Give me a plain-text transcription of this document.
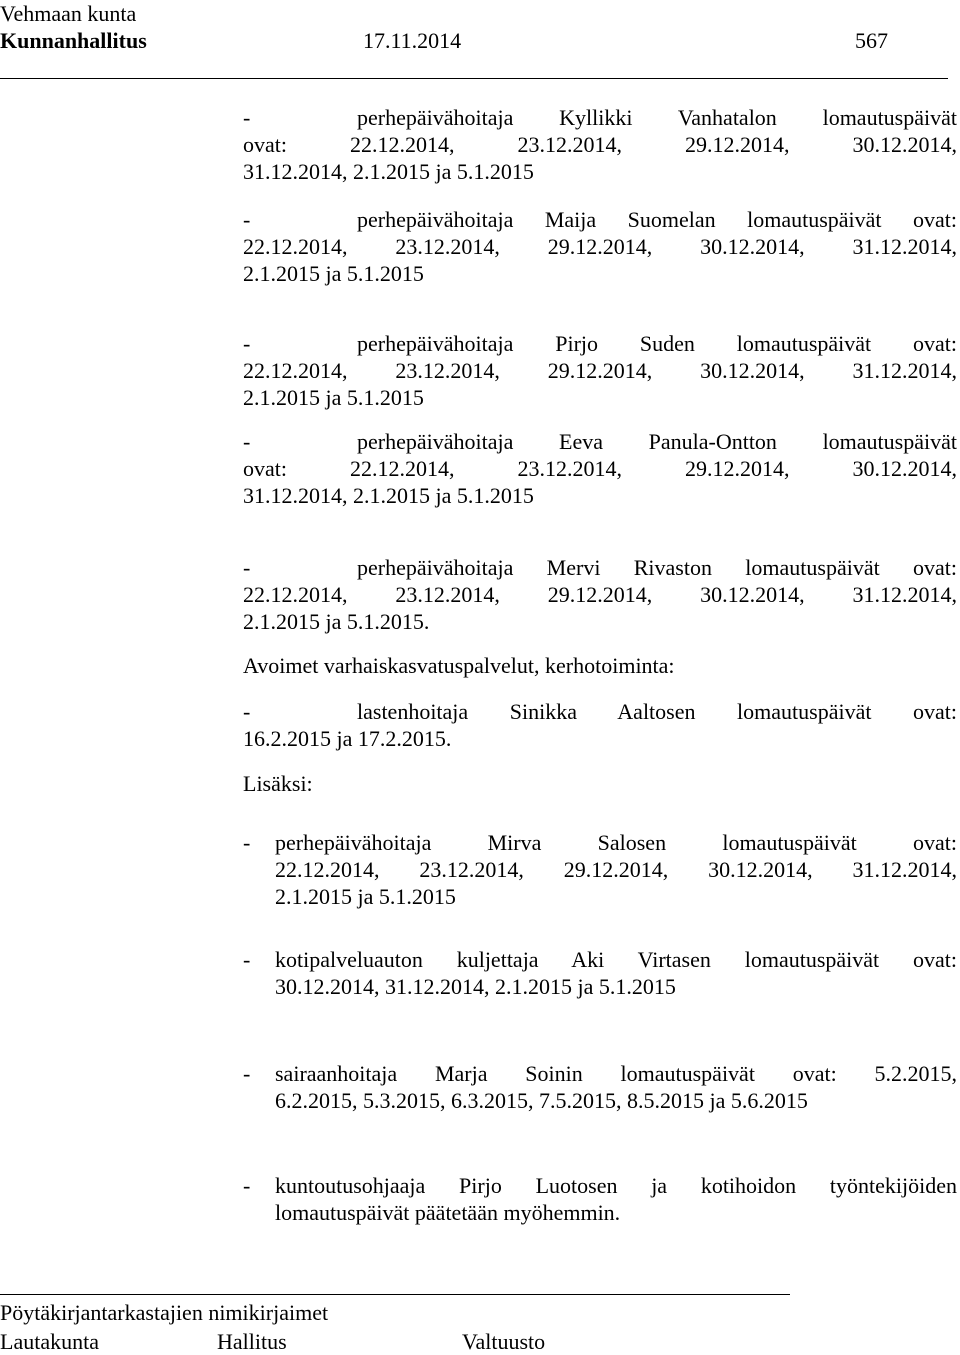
Vehmaan kunta
Kunnanhallitus	17.11.2014	567
-	perhepäivähoitaja Kyllikki Vanhatalon lomautuspäivät
ovat: 22.12.2014, 23.12.2014, 29.12.2014, 30.12.2014,
31.12.2014, 2.1.2015 ja 5.1.2015
-	perhepäivähoitaja Maija Suomelan lomautuspäivät ovat:
22.12.2014, 23.12.2014, 29.12.2014, 30.12.2014, 31.12.2014,
2.1.2015 ja 5.1.2015
-	perhepäivähoitaja Pirjo Suden lomautuspäivät ovat:
22.12.2014, 23.12.2014, 29.12.2014, 30.12.2014, 31.12.2014,
2.1.2015 ja 5.1.2015
-	perhepäivähoitaja Eeva Panula-Ontton lomautuspäivät
ovat: 22.12.2014, 23.12.2014, 29.12.2014, 30.12.2014,
31.12.2014, 2.1.2015 ja 5.1.2015
-	perhepäivähoitaja Mervi Rivaston lomautuspäivät ovat:
22.12.2014, 23.12.2014, 29.12.2014, 30.12.2014, 31.12.2014,
2.1.2015 ja 5.1.2015.
Avoimet varhaiskasvatuspalvelut, kerhotoiminta:
-	lastenhoitaja Sinikka Aaltosen lomautuspäivät ovat:
16.2.2015 ja 17.2.2015.
Lisäksi:
-	perhepäivähoitaja Mirva Salosen lomautuspäivät ovat:
22.12.2014, 23.12.2014, 29.12.2014, 30.12.2014, 31.12.2014,
2.1.2015 ja 5.1.2015
-	kotipalveluauton kuljettaja Aki Virtasen lomautuspäivät ovat:
30.12.2014, 31.12.2014, 2.1.2015 ja 5.1.2015
-	sairaanhoitaja Marja Soinin lomautuspäivät ovat: 5.2.2015,
6.2.2015, 5.3.2015, 6.3.2015, 7.5.2015, 8.5.2015 ja 5.6.2015
-	kuntoutusohjaaja Pirjo Luotosen ja kotihoidon työntekijöiden
lomautuspäivät päätetään myöhemmin.
Pöytäkirjantarkastajien nimikirjaimet
Lautakunta	Hallitus	Valtuusto
